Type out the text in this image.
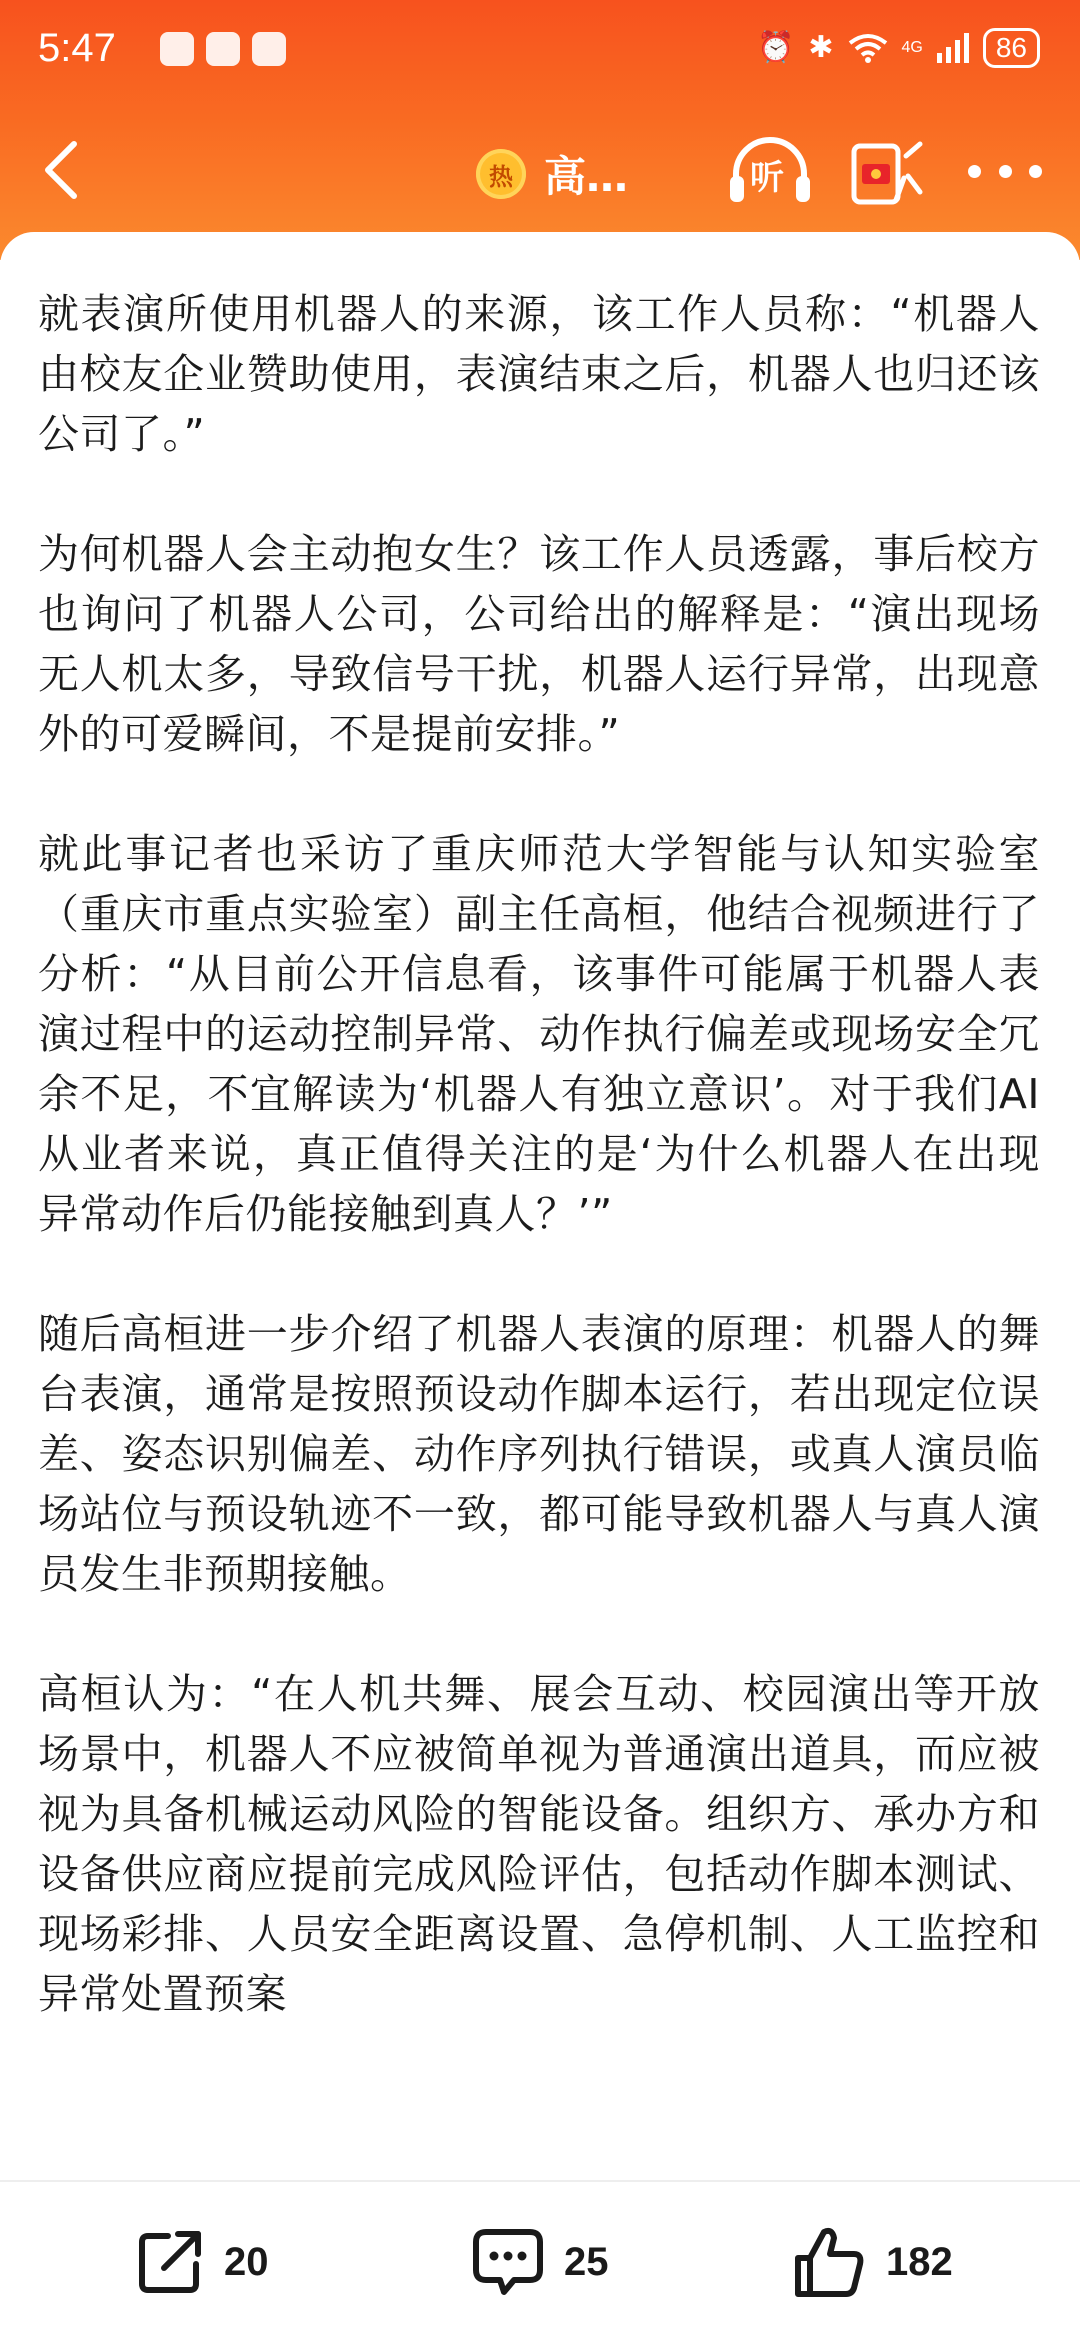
5:47	⏰ ✱	4G	86
热 高…	听

就表演所使用机器人的来源，该工作人员称：“机器人由校友企业赞助使用，表演结束之后，机器人也归还该公司了。”

为何机器人会主动抱女生？该工作人员透露，事后校方也询问了机器人公司，公司给出的解释是：“演出现场无人机太多，导致信号干扰，机器人运行异常，出现意外的可爱瞬间，不是提前安排。”

就此事记者也采访了重庆师范大学智能与认知实验室（重庆市重点实验室）副主任高桓，他结合视频进行了分析：“从目前公开信息看，该事件可能属于机器人表演过程中的运动控制异常、动作执行偏差或现场安全冗余不足，不宜解读为‘机器人有独立意识’。对于我们AI从业者来说，真正值得关注的是‘为什么机器人在出现异常动作后仍能接触到真人？’”

随后高桓进一步介绍了机器人表演的原理：机器人的舞台表演，通常是按照预设动作脚本运行，若出现定位误差、姿态识别偏差、动作序列执行错误，或真人演员临场站位与预设轨迹不一致，都可能导致机器人与真人演员发生非预期接触。

高桓认为：“在人机共舞、展会互动、校园演出等开放场景中，机器人不应被简单视为普通演出道具，而应被视为具备机械运动风险的智能设备。组织方、承办方和设备供应商应提前完成风险评估，包括动作脚本测试、现场彩排、人员安全距离设置、急停机制、人工监控和异常处置预案

20	25	182
